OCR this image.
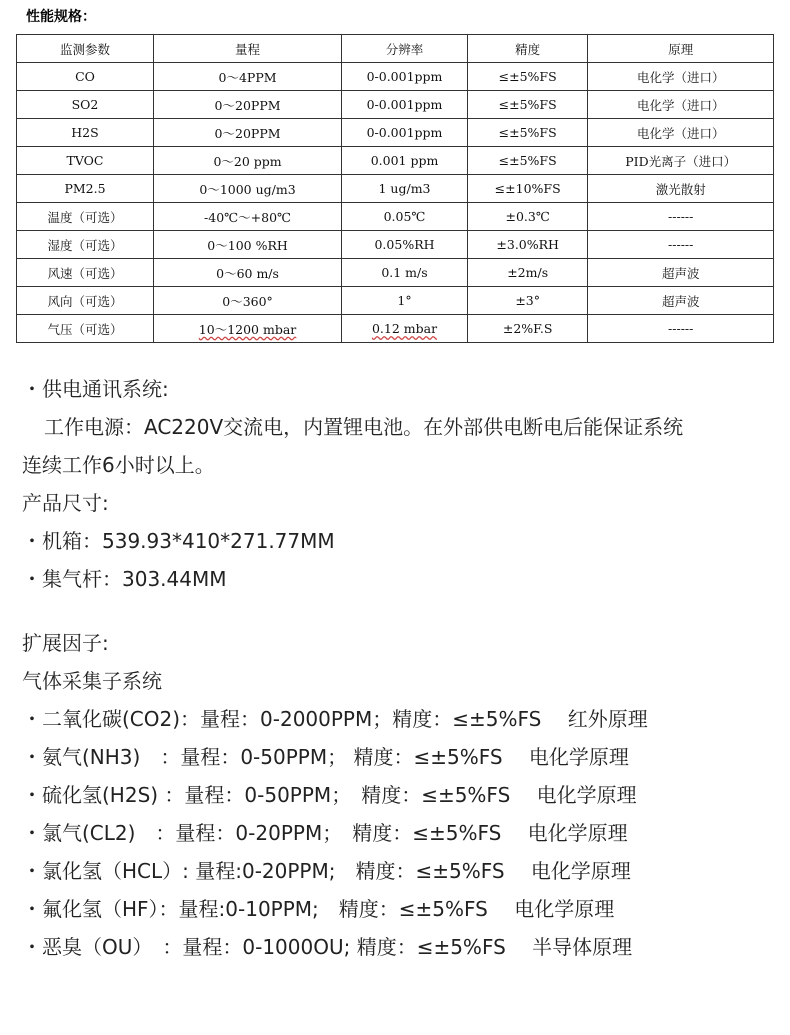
性能规格：
监测参数	量程	分辨率	精度	原理
CO	0～4PPM	0-0.001ppm	≤±5%FS	电化学（进口）
SO2	0～20PPM	0-0.001ppm	≤±5%FS	电化学（进口）
H2S	0～20PPM	0-0.001ppm	≤±5%FS	电化学（进口）
TVOC	0～20 ppm	0.001 ppm	≤±5%FS	PID光离子（进口）
PM2.5	0～1000 ug/m3	1 ug/m3	≤±10%FS	激光散射
温度（可选）	-40℃～+80℃	0.05℃	±0.3℃	------
湿度（可选）	0～100 %RH	0.05%RH	±3.0%RH	------
风速（可选）	0～60 m/s	0.1 m/s	±2m/s	超声波
风向（可选）	0～360°	1°	±3°	超声波
气压（可选）	10～1200 mbar	0.12 mbar	±2%F.S	------
・供电通讯系统:
工作电源：AC220V交流电，内置锂电池。在外部供电断电后能保证系统
连续工作6小时以上。
产品尺寸:
・机箱：539.93*410*271.77MM
・集气杆：303.44MM
扩展因子:
气体采集子系统
・二氧化碳(CO2)：量程：0-2000PPM；精度：≤±5%FS　 红外原理
・氨气(NH3)　：量程：0-50PPM； 精度：≤±5%FS　 电化学原理
・硫化氢(H2S) ：量程：0-50PPM；　精度：≤±5%FS　 电化学原理
・氯气(CL2)　：量程：0-20PPM；　精度：≤±5%FS　 电化学原理
・氯化氢（HCL）: 量程:0-20PPM;　精度：≤±5%FS　 电化学原理
・氟化氢（HF）：量程:0-10PPM;　精度：≤±5%FS　 电化学原理
・恶臭（OU）　：量程：0-1000OU; 精度：≤±5%FS　 半导体原理
